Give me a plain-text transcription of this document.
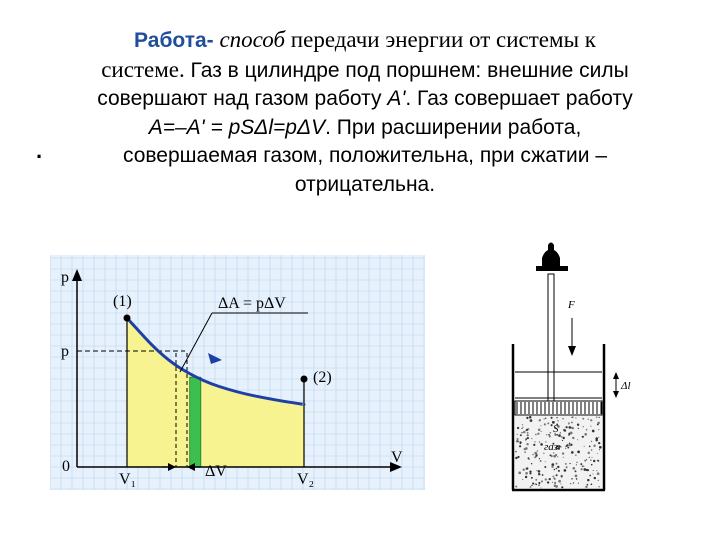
Работа- способ передачи энергии от системы к
системе. Газ в цилиндре под поршнем: внешние силы
совершают над газом работу A'. Газ совершает работу
A=–A' = pSΔl=pΔV. При расширении работа,
совершаемая газом, положительна, при сжатии –
отрицательна.
.
p
V
p
0
V₁	V₂
ΔV
ΔA = pΔV
(1)
(2)
F
Δl
S
газ
